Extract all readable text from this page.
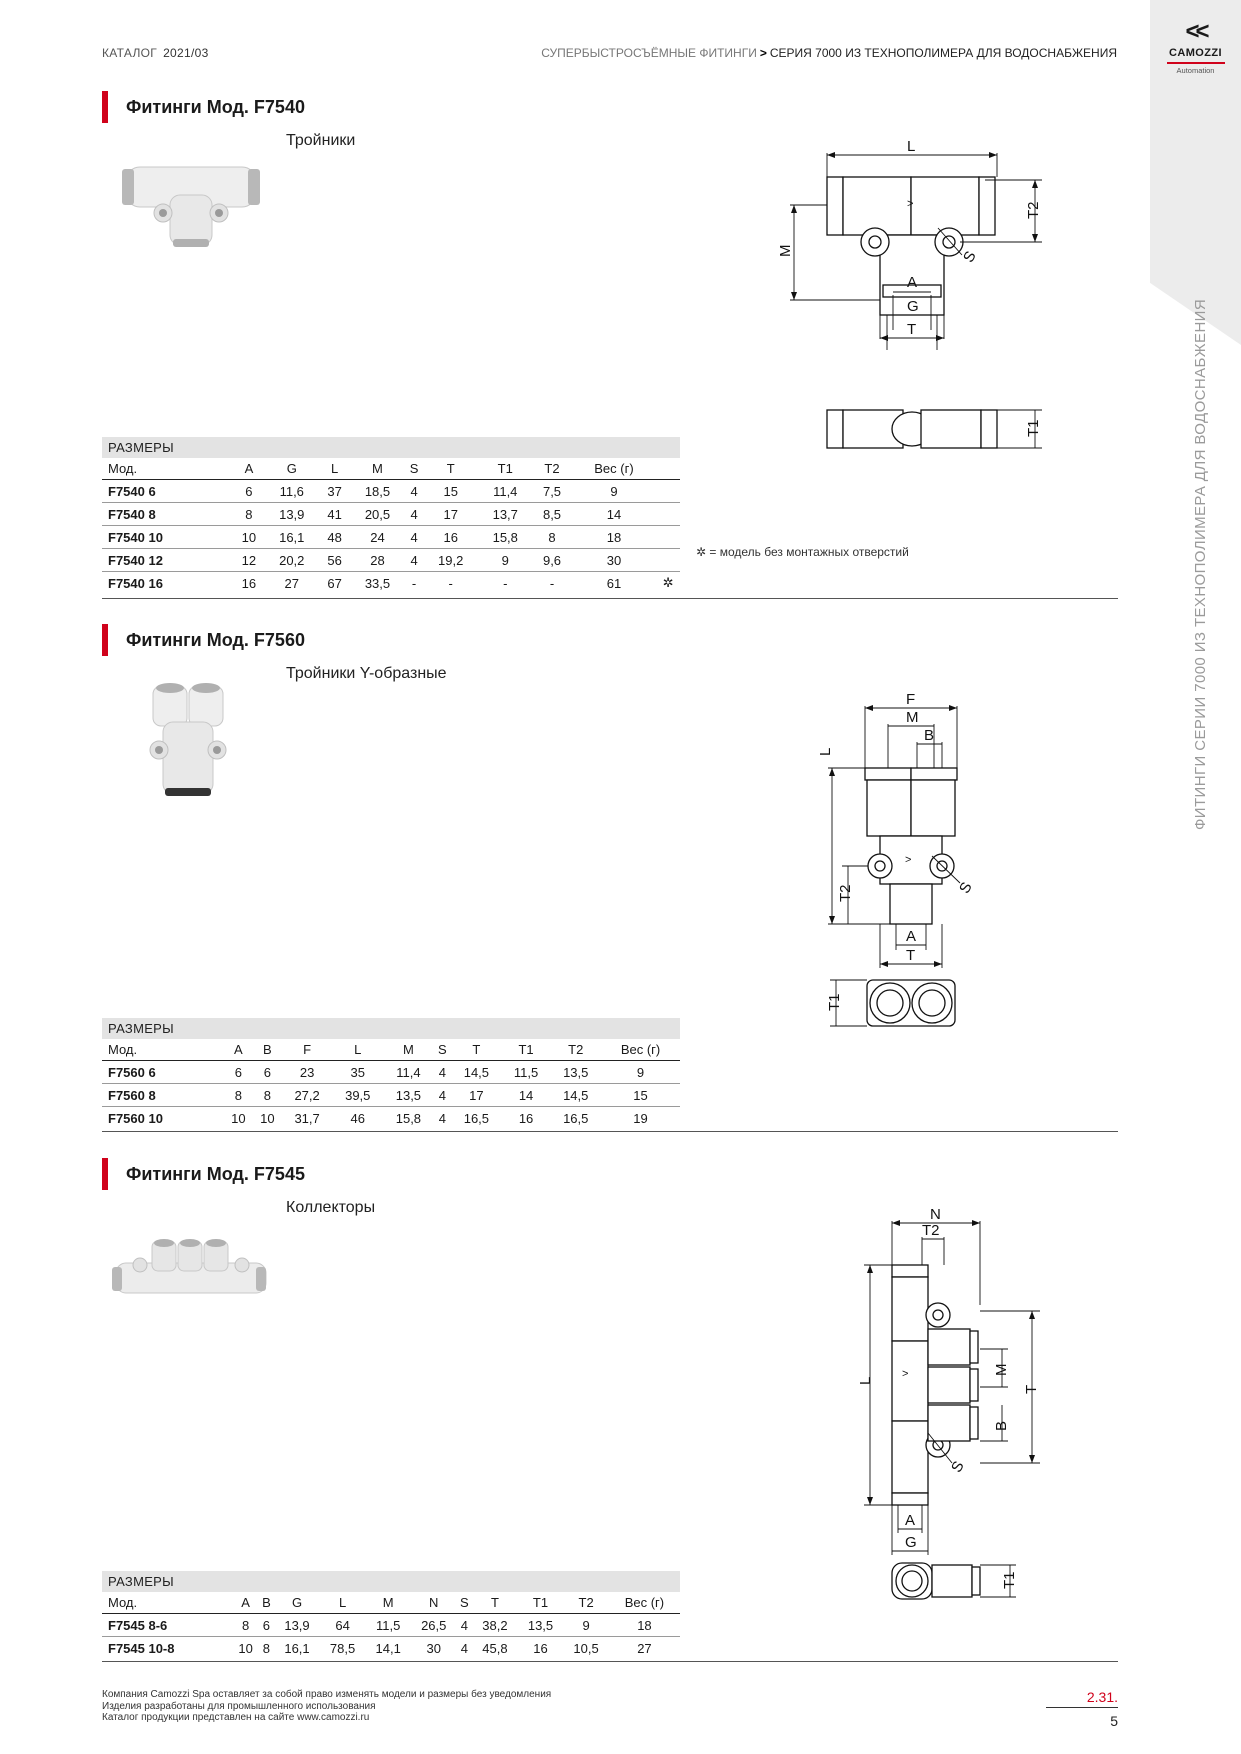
КАТАЛОГ 2021/03	СУПЕРБЫСТРОСЪЁМНЫЕ ФИТИНГИ > СЕРИЯ 7000 ИЗ ТЕХНОПОЛИМЕРА ДЛЯ ВОДОСНАБЖЕНИЯ
<<
CAMOZZI
Automation
ФИТИНГИ СЕРИИ 7000 ИЗ ТЕХНОПОЛИМЕРА ДЛЯ ВОДОСНАБЖЕНИЯ
Фитинги Мод. F7540
Тройники	L
>
M
T2
S
A
G
T
T1
РАЗМЕРЫ
Мод.	A	G	L	M	S	T	T1	T2	Вес (г)	
F7540 6	6	11,6	37	18,5	4	15	11,4	7,5	9	
F7540 8	8	13,9	41	20,5	4	17	13,7	8,5	14	
F7540 10	10	16,1	48	24	4	16	15,8	8	18	
F7540 12	12	20,2	56	28	4	19,2	9	9,6	30	
F7540 16	16	27	67	33,5	-	-	-	-	61	✲
✲ = модель без монтажных отверстий
Фитинги Мод. F7560
Тройники Y-образные
F
M
B
>
L
T2	S
A
T
T1
РАЗМЕРЫ
Мод.	A	B	F	L	M	S	T	T1	T2	Вес (г)
F7560 6	6	6	23	35	11,4	4	14,5	11,5	13,5	9
F7560 8	8	8	27,2	39,5	13,5	4	17	14	14,5	15
F7560 10	10	10	31,7	46	15,8	4	16,5	16	16,5	19
Фитинги Мод. F7545
Коллекторы	N
T2
>
L
M
T
B
S
A
G
T1
РАЗМЕРЫ
Мод.	A	B	G	L	M	N	S	T	T1	T2	Вес (г)
F7545 8-6	8	6	13,9	64	11,5	26,5	4	38,2	13,5	9	18
F7545 10-8	10	8	16,1	78,5	14,1	30	4	45,8	16	10,5	27
Компания Camozzi Spa оставляет за собой право изменять модели и размеры без уведомления
Изделия разработаны для промышленного использования
Каталог продукции представлен на сайте www.camozzi.ru
2.31.
5
